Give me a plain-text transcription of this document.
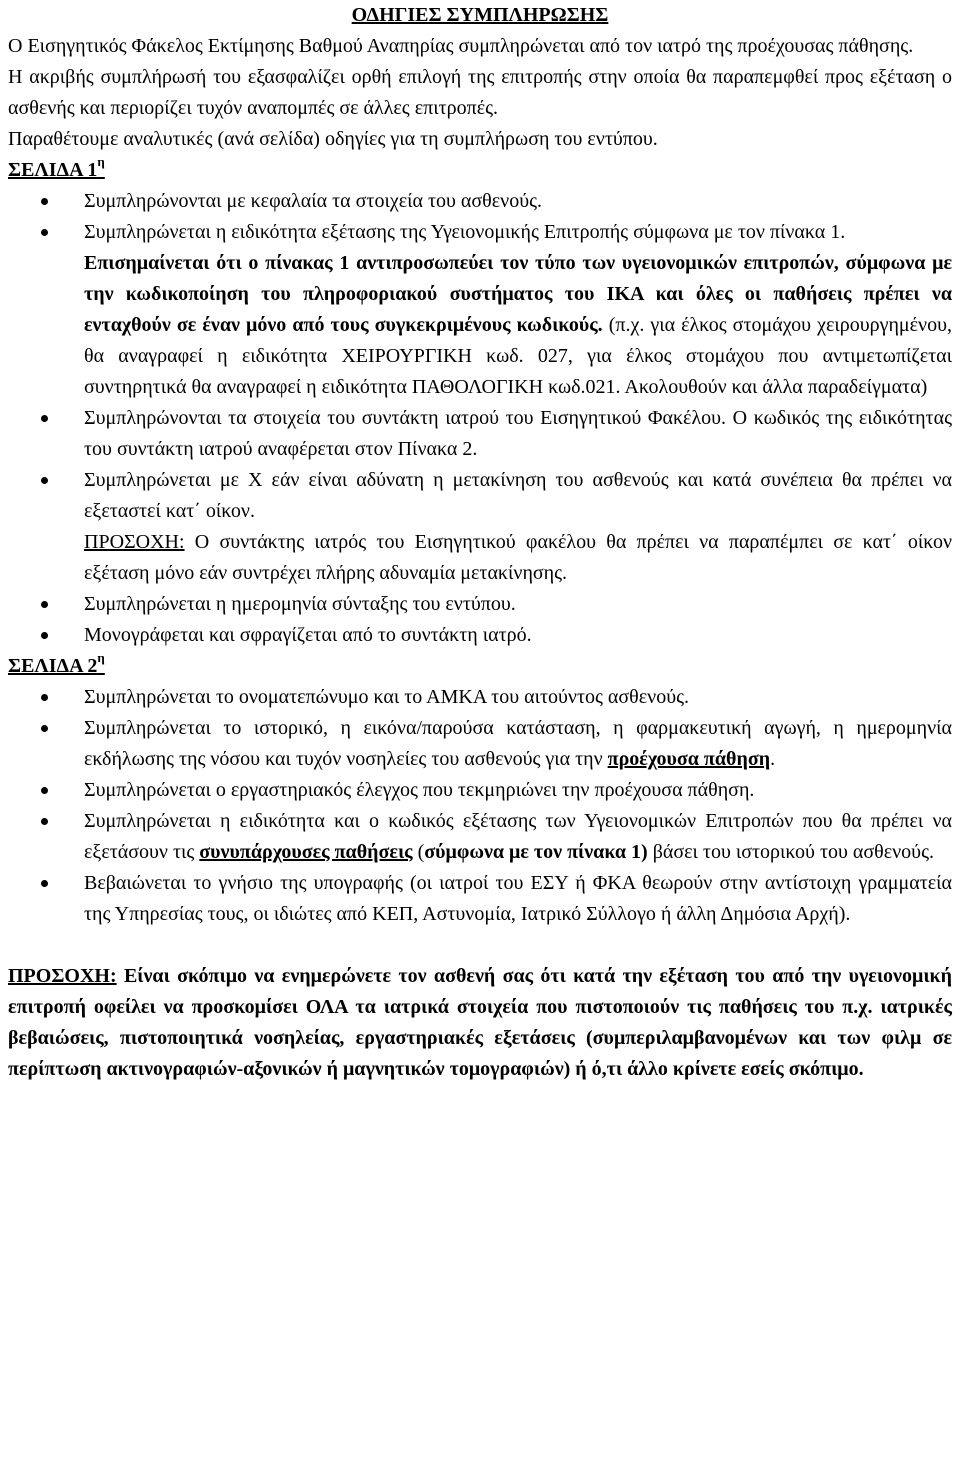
ΟΔΗΓΙΕΣ ΣΥΜΠΛΗΡΩΣΗΣ

Ο Εισηγητικός Φάκελος Εκτίμησης Βαθμού Αναπηρίας συμπληρώνεται από τον ιατρό της προέχουσας πάθησης.

Η ακριβής συμπλήρωσή του εξασφαλίζει ορθή επιλογή της επιτροπής στην οποία θα παραπεμφθεί προς εξέταση ο ασθενής και περιορίζει τυχόν αναπομπές σε άλλες επιτροπές.

Παραθέτουμε αναλυτικές (ανά σελίδα) οδηγίες για τη συμπλήρωση του εντύπου.

ΣΕΛΙΔΑ $1^\eta$

Συμπληρώνονται με κεφαλαία τα στοιχεία του ασθενούς.
Συμπληρώνεται η ειδικότητα εξέτασης της Υγειονομικής Επιτροπής σύμφωνα με τον πίνακα 1.

Επισημαίνεται ότι ο πίνακας 1 αντιπροσωπεύει τον τύπο των υγειονομικών επιτροπών, σύμφωνα με την κωδικοποίηση του πληροφοριακού συστήματος του ΙΚΑ και όλες οι παθήσεις πρέπει να ενταχθούν σε έναν μόνο από τους συγκεκριμένους κωδικούς. (π.χ. για έλκος στομάχου χειρουργημένου, θα αναγραφεί η ειδικότητα ΧΕΙΡΟΥΡΓΙΚΗ κωδ. 027, για έλκος στομάχου που αντιμετωπίζεται συντηρητικά θα αναγραφεί η ειδικότητα ΠΑΘΟΛΟΓΙΚΗ κωδ.021. Ακολουθούν και άλλα παραδείγματα)

Συμπληρώνονται τα στοιχεία του συντάκτη ιατρού του Εισηγητικού Φακέλου. Ο κωδικός της ειδικότητας του συντάκτη ιατρού αναφέρεται στον Πίνακα 2.
Συμπληρώνεται με Χ εάν είναι αδύνατη η μετακίνηση του ασθενούς και κατά συνέπεια θα πρέπει να εξεταστεί κατ΄ οίκον.

ΠΡΟΣΟΧΗ: Ο συντάκτης ιατρός του Εισηγητικού φακέλου θα πρέπει να παραπέμπει σε κατ΄ οίκον εξέταση μόνο εάν συντρέχει πλήρης αδυναμία μετακίνησης.

Συμπληρώνεται η ημερομηνία σύνταξης του εντύπου.
Μονογράφεται και σφραγίζεται από το συντάκτη ιατρό.

ΣΕΛΙΔΑ $2^\eta$

Συμπληρώνεται το ονοματεπώνυμο και το ΑΜΚΑ του αιτούντος ασθενούς.
Συμπληρώνεται το ιστορικό, η εικόνα/παρούσα κατάσταση, η φαρμακευτική αγωγή, η ημερομηνία εκδήλωσης της νόσου και τυχόν νοσηλείες του ασθενούς για την προέχουσα πάθηση.
Συμπληρώνεται ο εργαστηριακός έλεγχος που τεκμηριώνει την προέχουσα πάθηση.
Συμπληρώνεται η ειδικότητα και ο κωδικός εξέτασης των Υγειονομικών Επιτροπών που θα πρέπει να εξετάσουν τις συνυπάρχουσες παθήσεις (σύμφωνα με τον πίνακα 1) βάσει του ιστορικού του ασθενούς.
Βεβαιώνεται το γνήσιο της υπογραφής (οι ιατροί του ΕΣΥ ή ΦΚΑ θεωρούν στην αντίστοιχη γραμματεία της Υπηρεσίας τους, οι ιδιώτες από ΚΕΠ, Αστυνομία, Ιατρικό Σύλλογο ή άλλη Δημόσια Αρχή).

ΠΡΟΣΟΧΗ: Είναι σκόπιμο να ενημερώνετε τον ασθενή σας ότι κατά την εξέταση του από την υγειονομική επιτροπή οφείλει να προσκομίσει ΟΛΑ τα ιατρικά στοιχεία που πιστοποιούν τις παθήσεις του π.χ. ιατρικές βεβαιώσεις, πιστοποιητικά νοσηλείας, εργαστηριακές εξετάσεις (συμπεριλαμβανομένων και των φιλμ σε περίπτωση ακτινογραφιών-αξονικών ή μαγνητικών τομογραφιών) ή ό,τι άλλο κρίνετε εσείς σκόπιμο.
